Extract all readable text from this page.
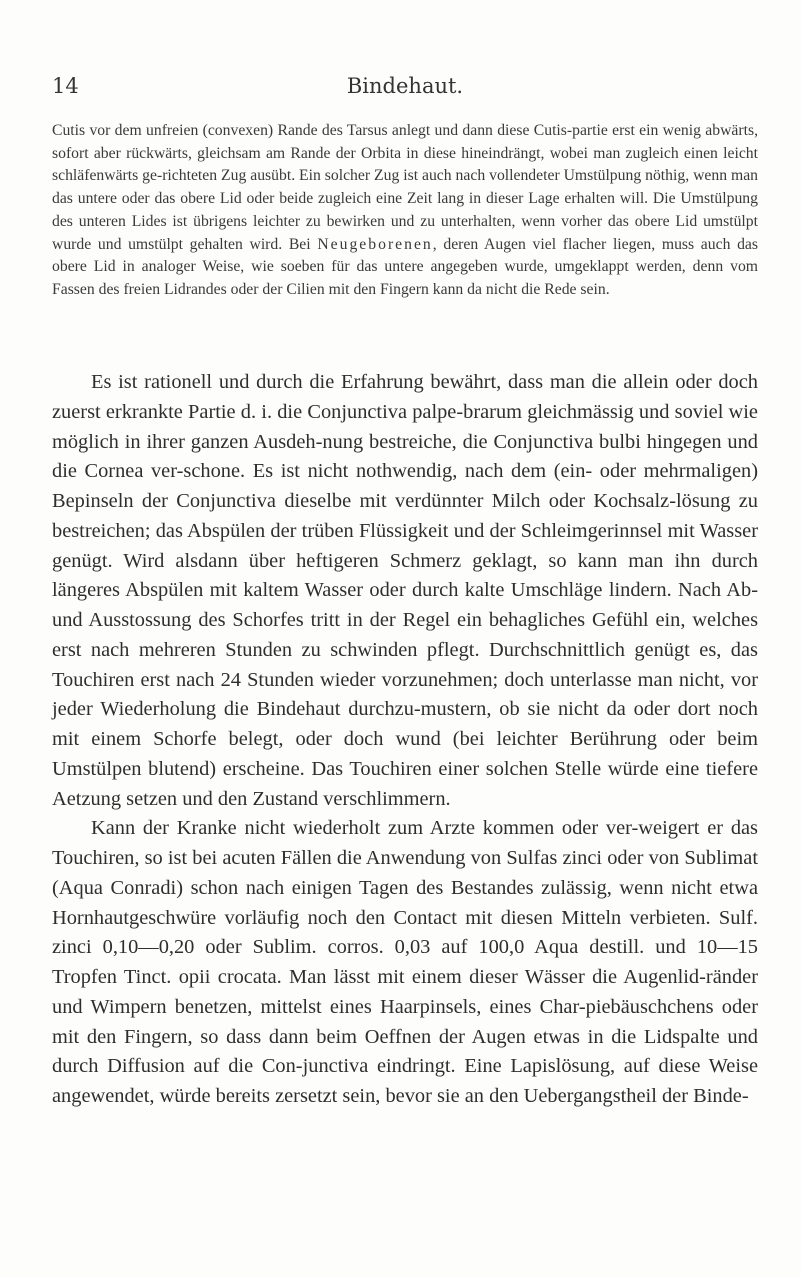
14	Bindehaut.

Cutis vor dem unfreien (convexen) Rande des Tarsus anlegt und dann diese Cutis-partie erst ein wenig abwärts, sofort aber rückwärts, gleichsam am Rande der Orbita in diese hineindrängt, wobei man zugleich einen leicht schläfenwärts ge-richteten Zug ausübt. Ein solcher Zug ist auch nach vollendeter Umstülpung nöthig, wenn man das untere oder das obere Lid oder beide zugleich eine Zeit lang in dieser Lage erhalten will. Die Umstülpung des unteren Lides ist übrigens leichter zu bewirken und zu unterhalten, wenn vorher das obere Lid umstülpt wurde und umstülpt gehalten wird. Bei Neugeborenen, deren Augen viel flacher liegen, muss auch das obere Lid in analoger Weise, wie soeben für das untere angegeben wurde, umgeklappt werden, denn vom Fassen des freien Lidrandes oder der Cilien mit den Fingern kann da nicht die Rede sein.

Es ist rationell und durch die Erfahrung bewährt, dass man die allein oder doch zuerst erkrankte Partie d. i. die Conjunctiva palpe-brarum gleichmässig und soviel wie möglich in ihrer ganzen Ausdeh-nung bestreiche, die Conjunctiva bulbi hingegen und die Cornea ver-schone. Es ist nicht nothwendig, nach dem (ein- oder mehrmaligen) Bepinseln der Conjunctiva dieselbe mit verdünnter Milch oder Kochsalz-lösung zu bestreichen; das Abspülen der trüben Flüssigkeit und der Schleimgerinnsel mit Wasser genügt. Wird alsdann über heftigeren Schmerz geklagt, so kann man ihn durch längeres Abspülen mit kaltem Wasser oder durch kalte Umschläge lindern. Nach Ab- und Ausstossung des Schorfes tritt in der Regel ein behagliches Gefühl ein, welches erst nach mehreren Stunden zu schwinden pflegt. Durchschnittlich genügt es, das Touchiren erst nach 24 Stunden wieder vorzunehmen; doch unterlasse man nicht, vor jeder Wiederholung die Bindehaut durchzu-mustern, ob sie nicht da oder dort noch mit einem Schorfe belegt, oder doch wund (bei leichter Berührung oder beim Umstülpen blutend) erscheine. Das Touchiren einer solchen Stelle würde eine tiefere Aetzung setzen und den Zustand verschlimmern.

Kann der Kranke nicht wiederholt zum Arzte kommen oder ver-weigert er das Touchiren, so ist bei acuten Fällen die Anwendung von Sulfas zinci oder von Sublimat (Aqua Conradi) schon nach einigen Tagen des Bestandes zulässig, wenn nicht etwa Hornhautgeschwüre vorläufig noch den Contact mit diesen Mitteln verbieten. Sulf. zinci 0,10—0,20 oder Sublim. corros. 0,03 auf 100,0 Aqua destill. und 10—15 Tropfen Tinct. opii crocata. Man lässt mit einem dieser Wässer die Augenlid-ränder und Wimpern benetzen, mittelst eines Haarpinsels, eines Char-piebäuschchens oder mit den Fingern, so dass dann beim Oeffnen der Augen etwas in die Lidspalte und durch Diffusion auf die Con-junctiva eindringt. Eine Lapislösung, auf diese Weise angewendet, würde bereits zersetzt sein, bevor sie an den Uebergangstheil der Binde-
